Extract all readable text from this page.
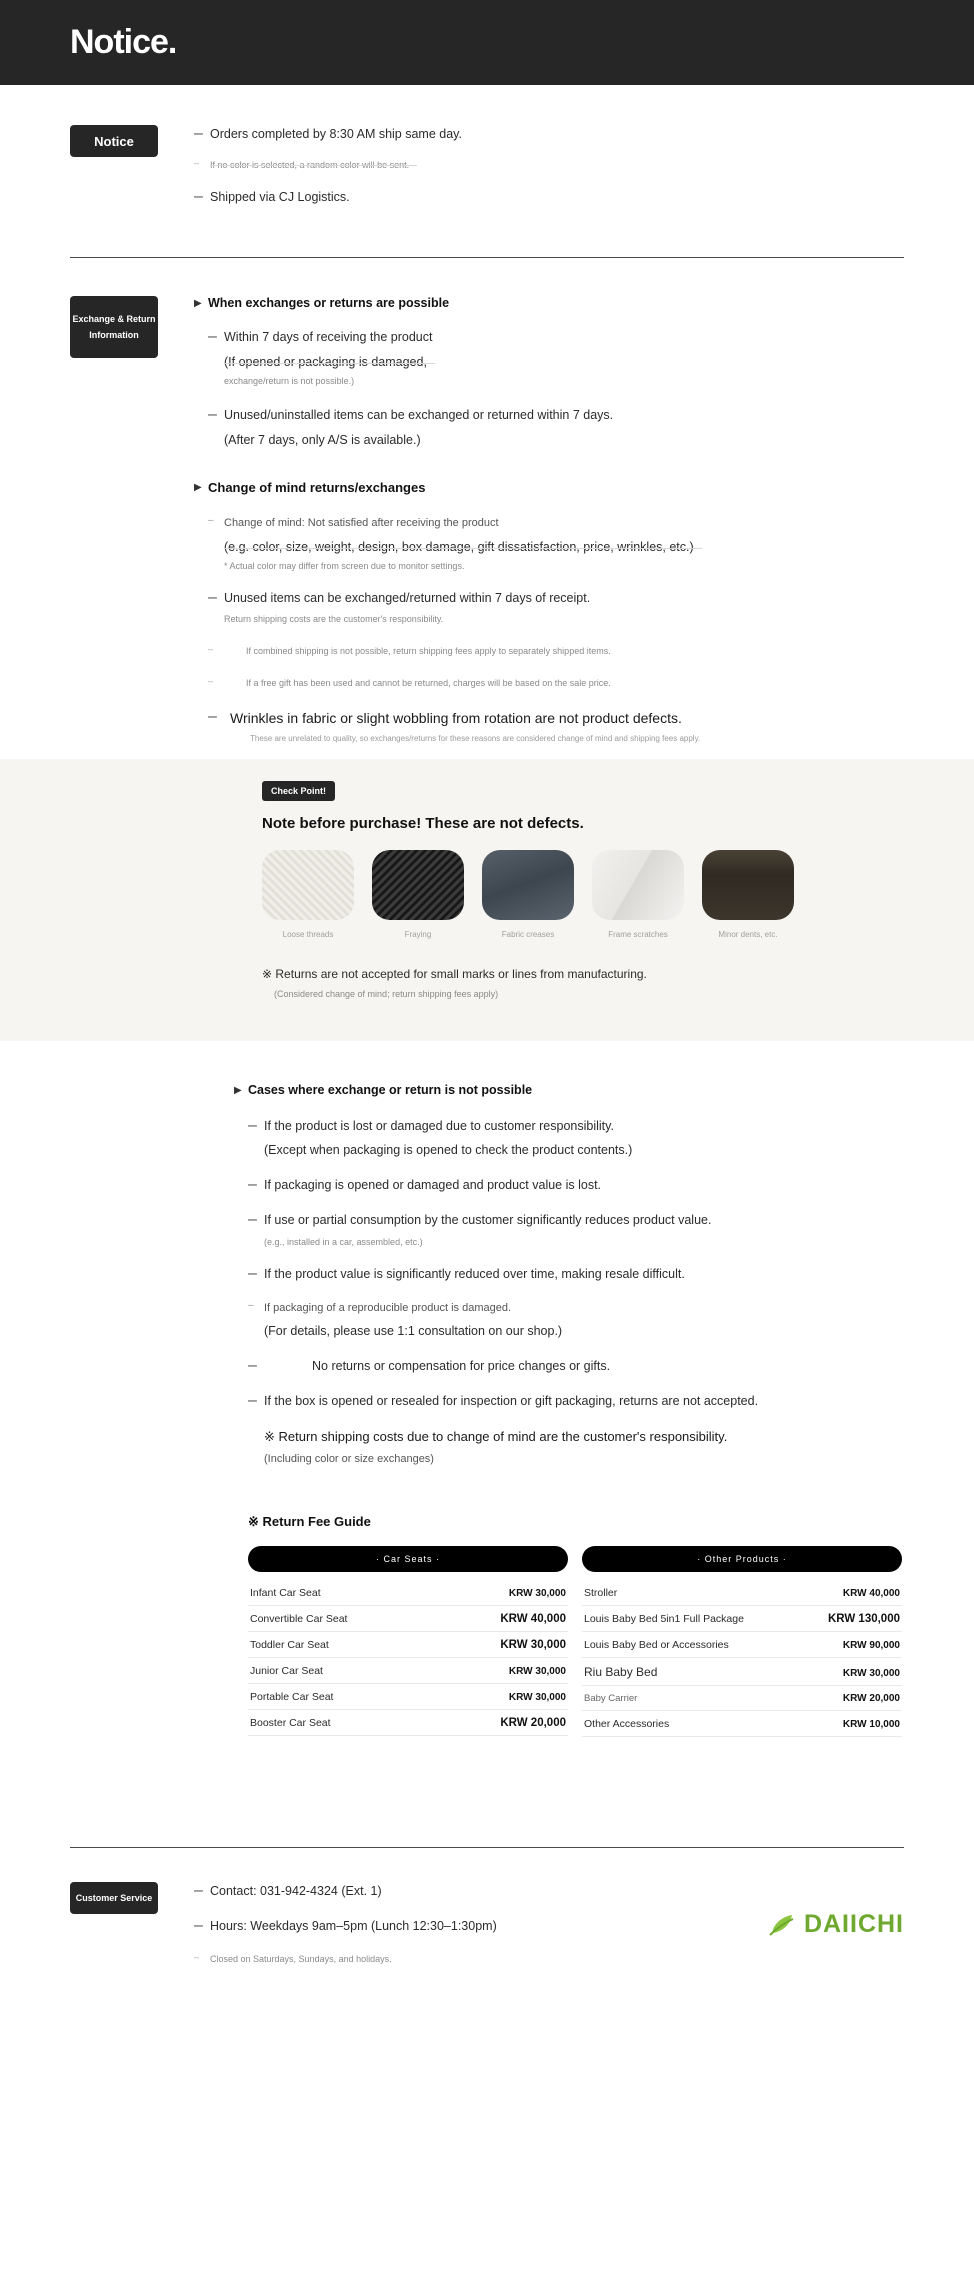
Notice.
Notice	– Orders completed by 8:30 AM ship same day.
–	If no color is selected, a random color will be sent.
– Shipped via CJ Logistics.
Exchange & Return
Information
▶ When exchanges or returns are possible
– Within 7 days of receiving the product
(If opened or packaging is damaged,
exchange/return is not possible.)
– Unused/uninstalled items can be exchanged or returned within 7 days.
(After 7 days, only A/S is available.)
▶ Change of mind returns/exchanges
– Change of mind: Not satisfied after receiving the product
(e.g. color, size, weight, design, box damage, gift dissatisfaction, price, wrinkles, etc.)
* Actual color may differ from screen due to monitor settings.
– Unused items can be exchanged/returned within 7 days of receipt.
Return shipping costs are the customer's responsibility.
–	If combined shipping is not possible, return shipping fees apply to separately shipped items.
–	If a free gift has been used and cannot be returned, charges will be based on the sale price.
– Wrinkles in fabric or slight wobbling from rotation are not product defects.
These are unrelated to quality, so exchanges/returns for these reasons are considered change of mind and shipping fees apply.
Check Point!
Note before purchase! These are not defects.
Loose threads	Fraying	Fabric creases	Frame scratches	Minor dents, etc.
※ Returns are not accepted for small marks or lines from manufacturing.
(Considered change of mind; return shipping fees apply)
▶ Cases where exchange or return is not possible
– If the product is lost or damaged due to customer responsibility.
(Except when packaging is opened to check the product contents.)
– If packaging is opened or damaged and product value is lost.
– If use or partial consumption by the customer significantly reduces product value.
(e.g., installed in a car, assembled, etc.)
– If the product value is significantly reduced over time, making resale difficult.
– If packaging of a reproducible product is damaged.
(For details, please use 1:1 consultation on our shop.)
–	No returns or compensation for price changes or gifts.
– If the box is opened or resealed for inspection or gift packaging, returns are not accepted.
※ Return shipping costs due to change of mind are the customer's responsibility.
(Including color or size exchanges)
※ Return Fee Guide
· Car Seats ·
Infant Car Seat	KRW 30,000
Convertible Car Seat	KRW 40,000
Toddler Car Seat	KRW 30,000
Junior Car Seat	KRW 30,000
Portable Car Seat	KRW 30,000
Booster Car Seat	KRW 20,000
· Other Products ·
Stroller	KRW 40,000
Louis Baby Bed 5in1 Full Package	KRW 130,000
Louis Baby Bed or Accessories	KRW 90,000
Riu Baby Bed	KRW 30,000
Baby Carrier	KRW 20,000
Other Accessories	KRW 10,000
Customer Service	– Contact: 031-942-4324 (Ext. 1)
– Hours: Weekdays 9am–5pm (Lunch 12:30–1:30pm)
–	Closed on Saturdays, Sundays, and holidays.
DAIICHI
